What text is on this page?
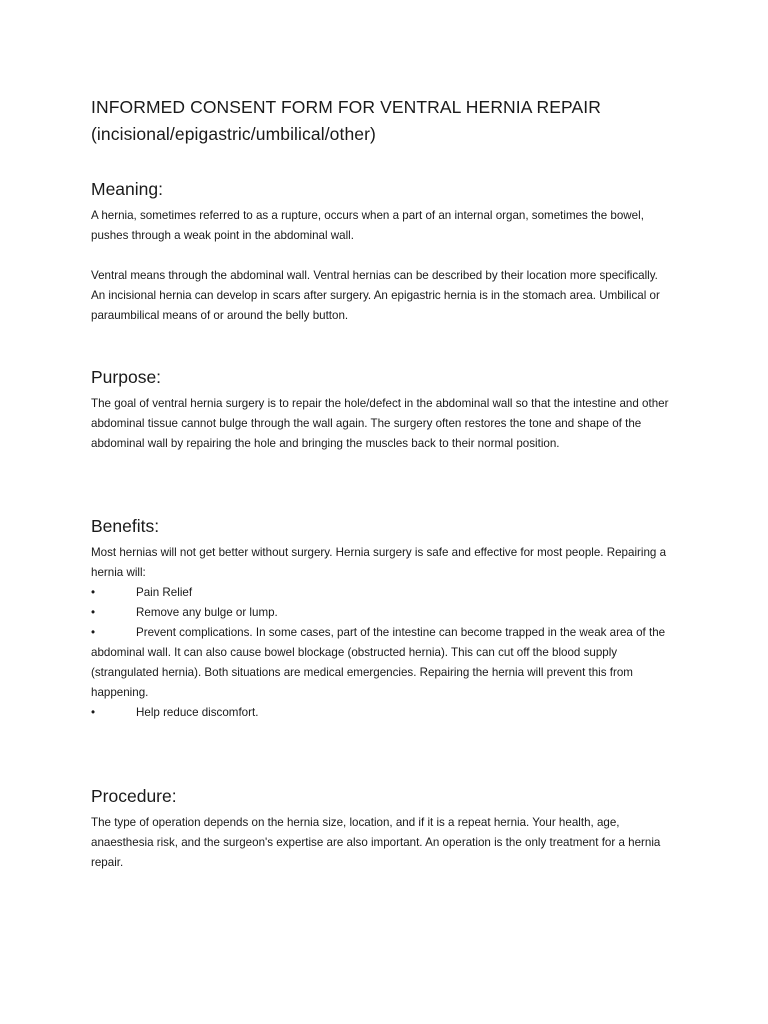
INFORMED CONSENT FORM FOR VENTRAL HERNIA REPAIR

(incisional/epigastric/umbilical/other)

Meaning:

A hernia, sometimes referred to as a rupture, occurs when a part of an internal organ, sometimes the bowel, pushes through a weak point in the abdominal wall.

Ventral means through the abdominal wall. Ventral hernias can be described by their location more specifically. An incisional hernia can develop in scars after surgery. An epigastric hernia is in the stomach area. Umbilical or paraumbilical means of or around the belly button.

Purpose:

The goal of ventral hernia surgery is to repair the hole/defect in the abdominal wall so that the intestine and other abdominal tissue cannot bulge through the wall again. The surgery often restores the tone and shape of the abdominal wall by repairing the hole and bringing the muscles back to their normal position.

Benefits:

Most hernias will not get better without surgery. Hernia surgery is safe and effective for most people. Repairing a hernia will:

•	Pain Relief

•	Remove any bulge or lump.

•	Prevent complications. In some cases, part of the intestine can become trapped in the weak area of the abdominal wall. It can also cause bowel blockage (obstructed hernia). This can cut off the blood supply (strangulated hernia). Both situations are medical emergencies. Repairing the hernia will prevent this from happening.

•	Help reduce discomfort.

Procedure:

The type of operation depends on the hernia size, location, and if it is a repeat hernia. Your health, age, anaesthesia risk, and the surgeon's expertise are also important. An operation is the only treatment for a hernia repair.
